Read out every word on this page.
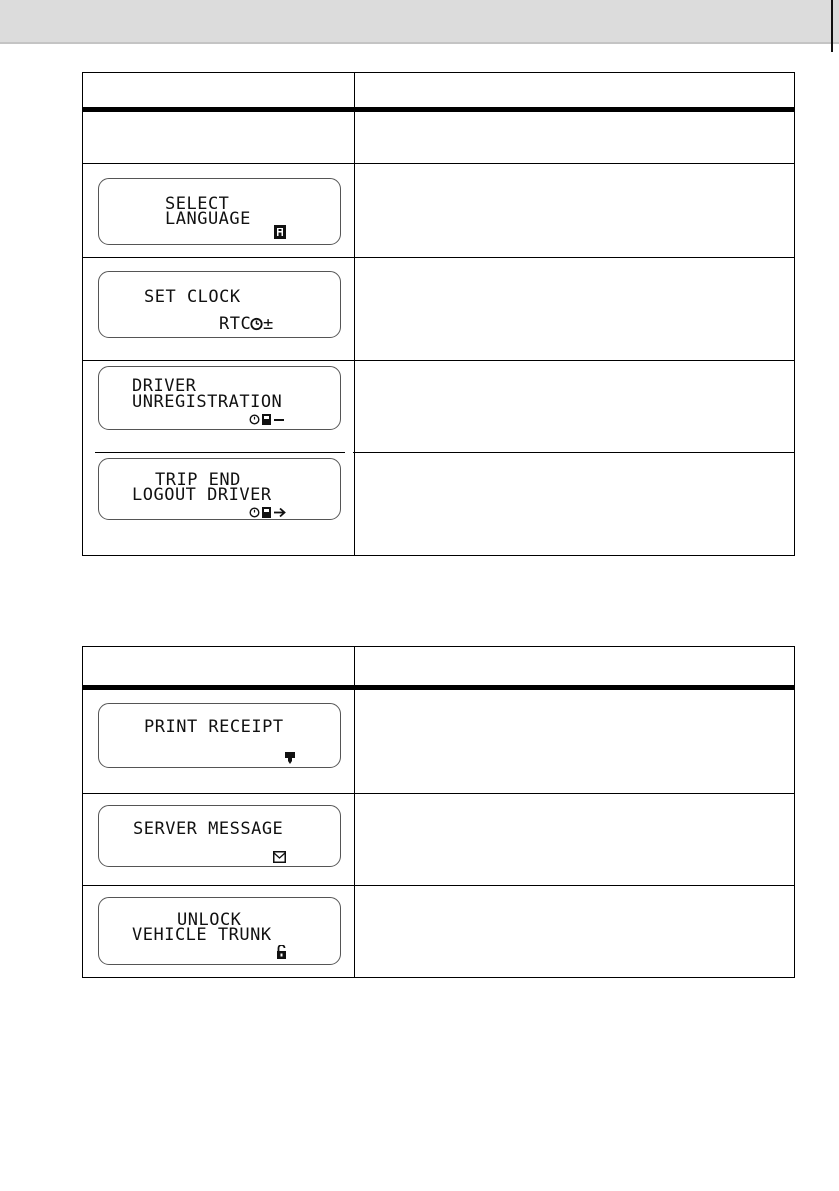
SELECT
LANGUAGE
SET CLOCK
RTC ±
DRIVER
UNREGISTRATION
TRIP END
LOGOUT DRIVER
PRINT RECEIPT
SERVER MESSAGE
UNLOCK
VEHICLE TRUNK
